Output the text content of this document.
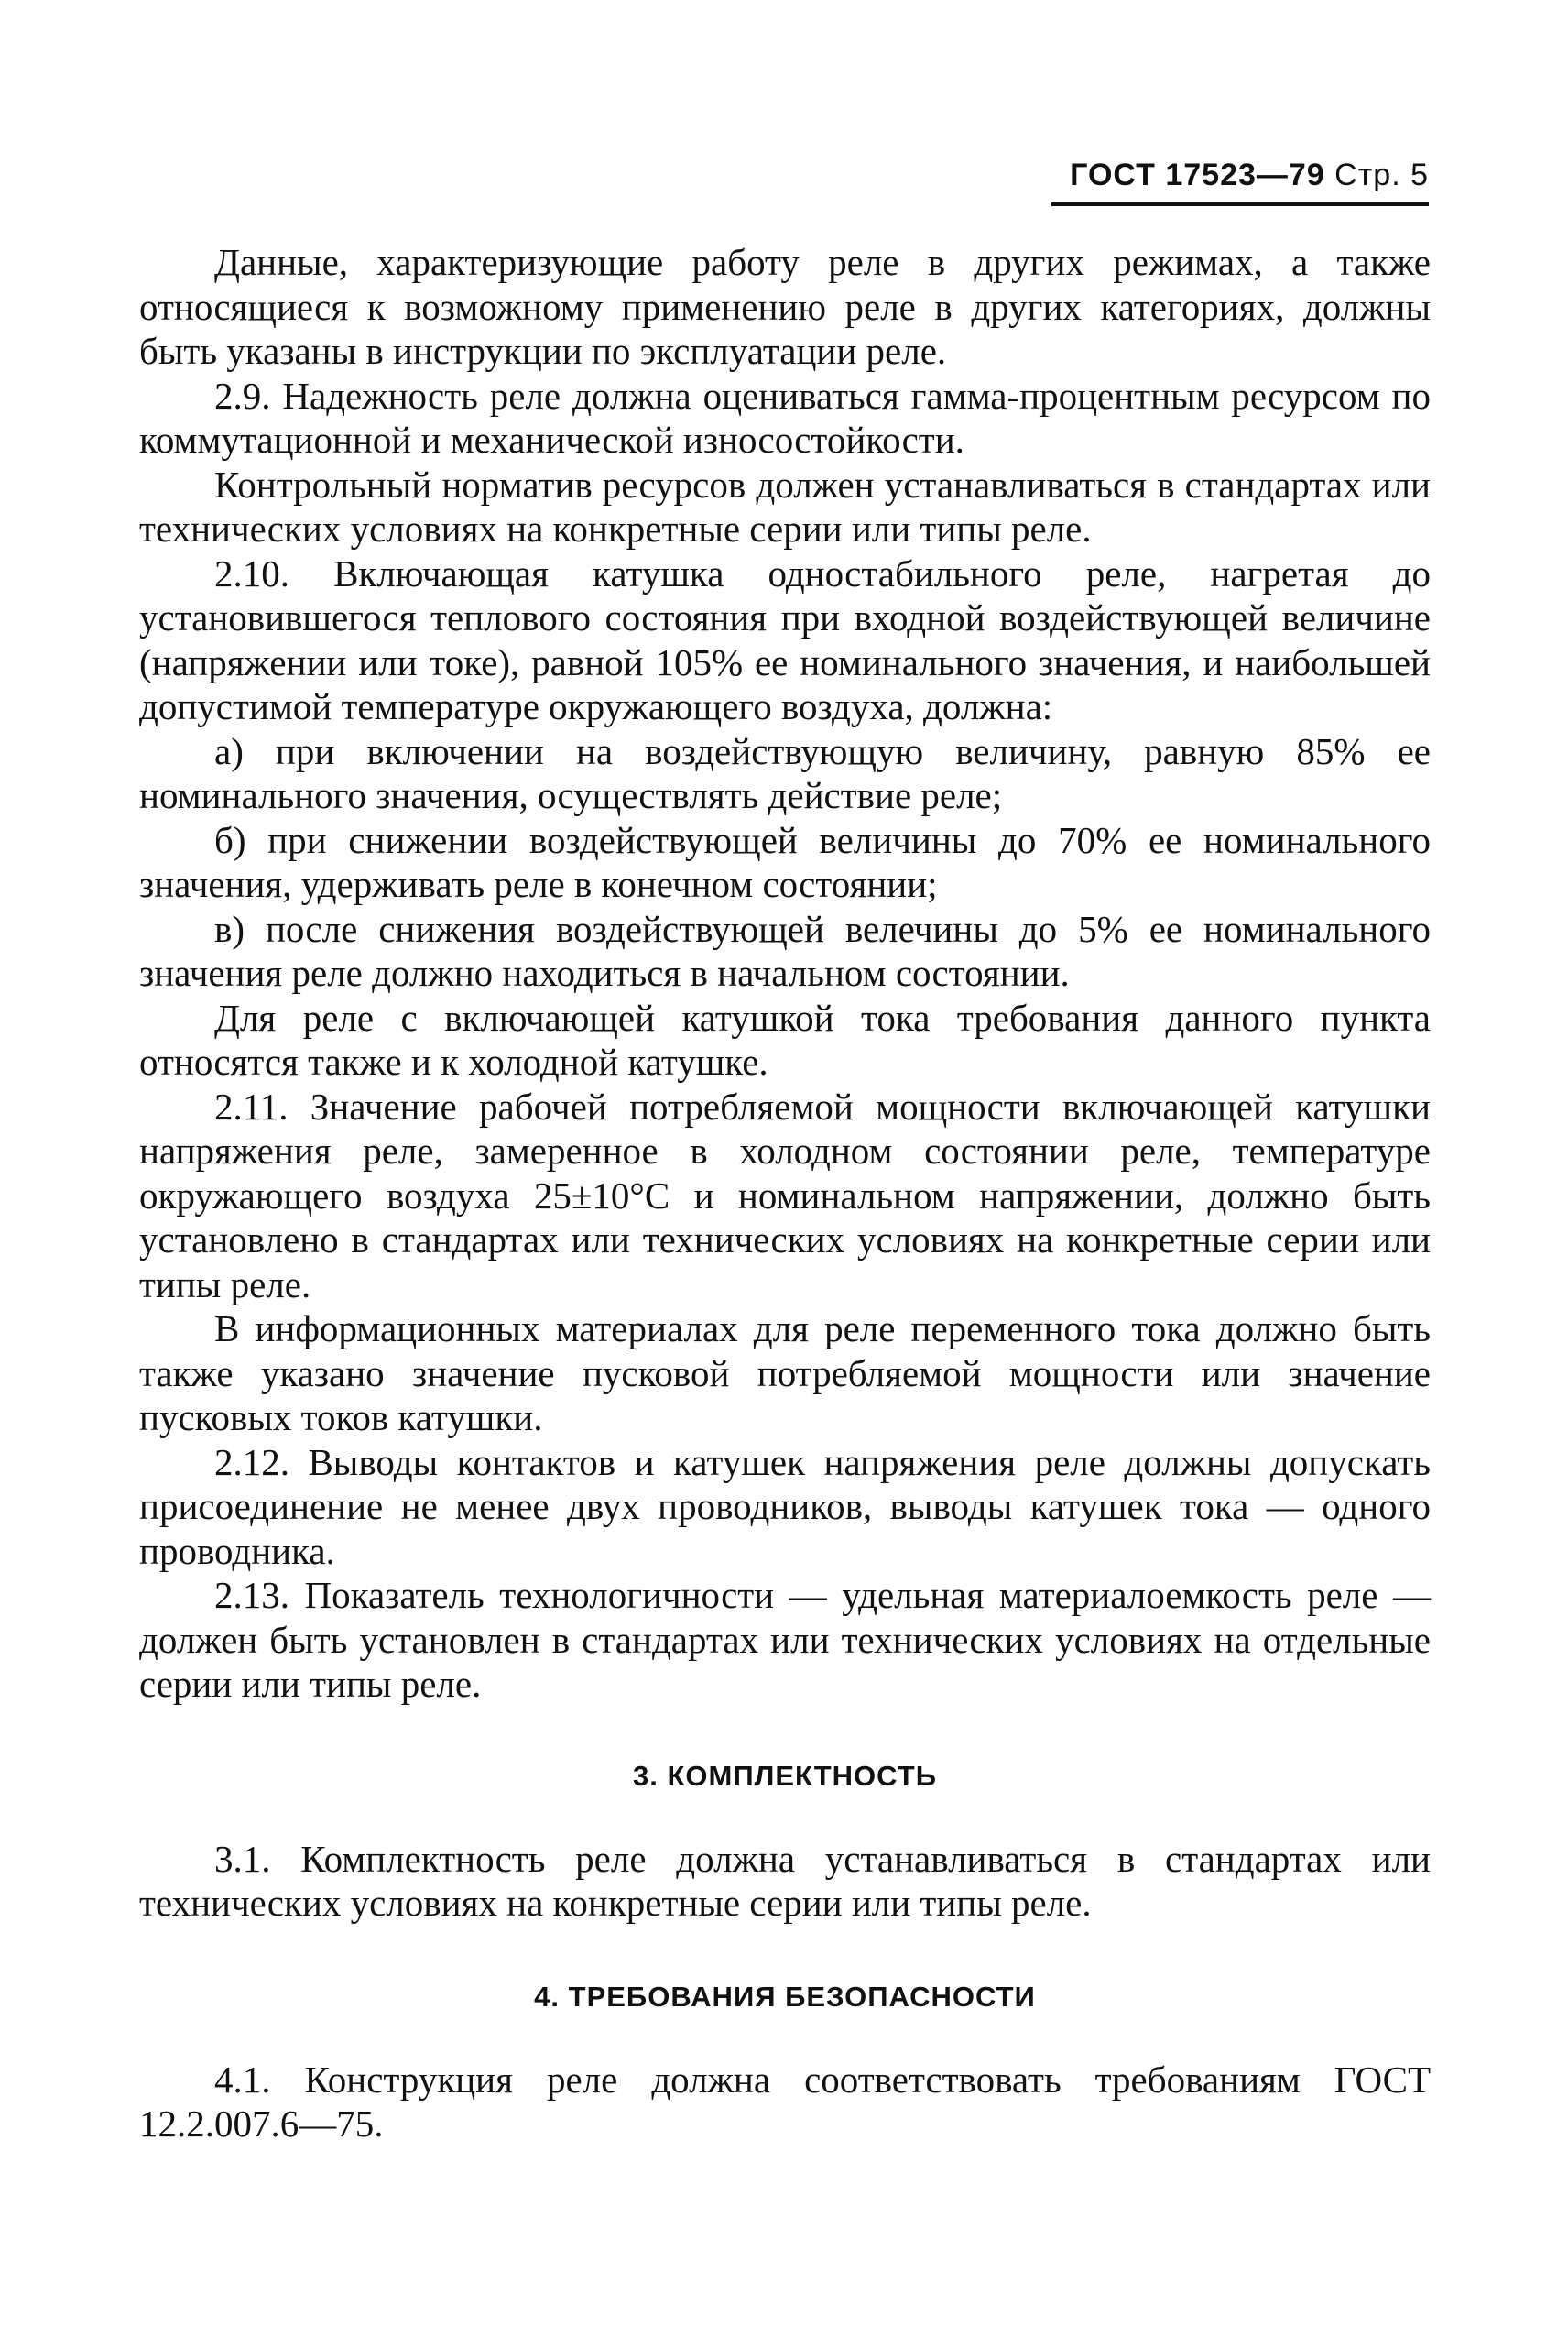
ГОСТ 17523—79 Стр. 5

Данные, характеризующие работу реле в других режимах, а также относящиеся к возможному применению реле в других категориях, должны быть указаны в инструкции по эксплуатации реле.

2.9. Надежность реле должна оцениваться гамма-процентным ресурсом по коммутационной и механической износостойкости.

Контрольный норматив ресурсов должен устанавливаться в стандартах или технических условиях на конкретные серии или типы реле.

2.10. Включающая катушка одностабильного реле, нагретая до установившегося теплового состояния при входной воздействующей величине (напряжении или токе), равной 105% ее номинального значения, и наибольшей допустимой температуре окружающего воздуха, должна:

а) при включении на воздействующую величину, равную 85% ее номинального значения, осуществлять действие реле;

б) при снижении воздействующей величины до 70% ее номинального значения, удерживать реле в конечном состоянии;

в) после снижения воздействующей велечины до 5% ее номинального значения реле должно находиться в начальном состоянии.

Для реле с включающей катушкой тока требования данного пункта относятся также и к холодной катушке.

2.11. Значение рабочей потребляемой мощности включающей катушки напряжения реле, замеренное в холодном состоянии реле, температуре окружающего воздуха 25±10°С и номинальном напряжении, должно быть установлено в стандартах или технических условиях на конкретные серии или типы реле.

В информационных материалах для реле переменного тока должно быть также указано значение пусковой потребляемой мощности или значение пусковых токов катушки.

2.12. Выводы контактов и катушек напряжения реле должны допускать присоединение не менее двух проводников, выводы катушек тока — одного проводника.

2.13. Показатель технологичности — удельная материалоемкость реле — должен быть установлен в стандартах или технических условиях на отдельные серии или типы реле.

3. КОМПЛЕКТНОСТЬ

3.1. Комплектность реле должна устанавливаться в стандартах или технических условиях на конкретные серии или типы реле.

4. ТРЕБОВАНИЯ БЕЗОПАСНОСТИ

4.1. Конструкция реле должна соответствовать требованиям ГОСТ 12.2.007.6—75.
